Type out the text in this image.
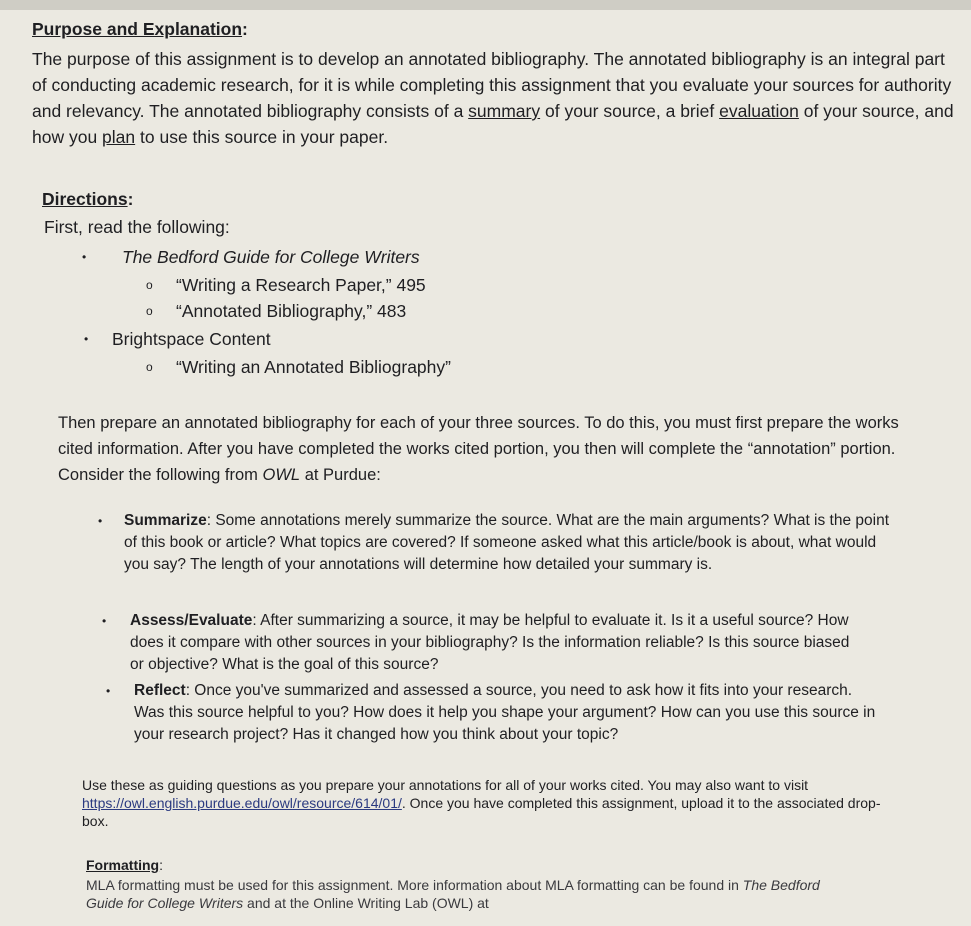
Purpose and Explanation:
The purpose of this assignment is to develop an annotated bibliography. The annotated bibliography is an integral part of conducting academic research, for it is while completing this assignment that you evaluate your sources for authority and relevancy. The annotated bibliography consists of a summary of your source, a brief evaluation of your source, and how you plan to use this source in your paper.
Directions:
First, read the following:
•	The Bedford Guide for College Writers
o	“Writing a Research Paper,” 495
o	“Annotated Bibliography,” 483
•	Brightspace Content
o	“Writing an Annotated Bibliography”
Then prepare an annotated bibliography for each of your three sources. To do this, you must first prepare the works cited information. After you have completed the works cited portion, you then will complete the “annotation” portion. Consider the following from OWL at Purdue:
•	Summarize: Some annotations merely summarize the source. What are the main arguments? What is the point of this book or article? What topics are covered? If someone asked what this article/book is about, what would you say? The length of your annotations will determine how detailed your summary is.
•	Assess/Evaluate: After summarizing a source, it may be helpful to evaluate it. Is it a useful source? How does it compare with other sources in your bibliography? Is the information reliable? Is this source biased or objective? What is the goal of this source?
•	Reflect: Once you've summarized and assessed a source, you need to ask how it fits into your research. Was this source helpful to you? How does it help you shape your argument? How can you use this source in your research project? Has it changed how you think about your topic?
Use these as guiding questions as you prepare your annotations for all of your works cited. You may also want to visit https://owl.english.purdue.edu/owl/resource/614/01/. Once you have completed this assignment, upload it to the associated drop-box.
Formatting:
MLA formatting must be used for this assignment. More information about MLA formatting can be found in The Bedford Guide for College Writers and at the Online Writing Lab (OWL) at
